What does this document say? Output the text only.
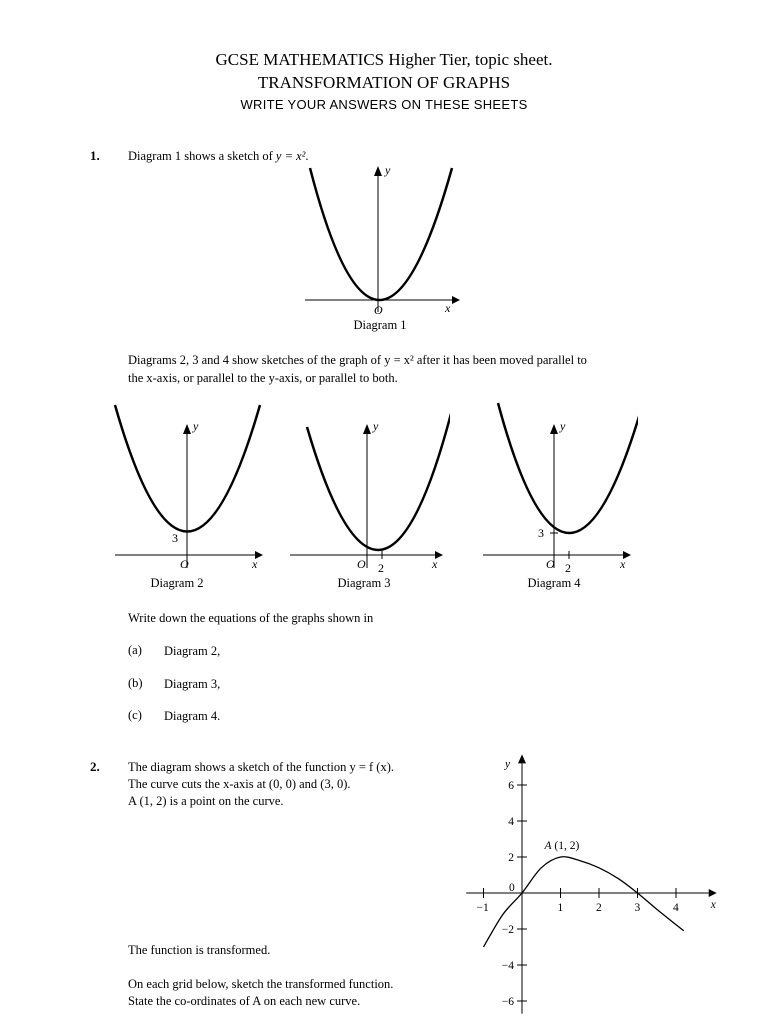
GCSE MATHEMATICS Higher Tier, topic sheet.
TRANSFORMATION OF GRAPHS
WRITE YOUR ANSWERS ON THESE SHEETS
1. Diagram 1 shows a sketch of y = x².
y
x
O
Diagram 1
Diagrams 2, 3 and 4 show sketches of the graph of y = x² after it has been moved parallel to
the x-axis, or parallel to the y-axis, or parallel to both.
y
x
O
3
Diagram 2
y
x
O 2
Diagram 3
y
x
O
3
2
Diagram 4
Write down the equations of the graphs shown in
(a) Diagram 2,
(b) Diagram 3,
(c) Diagram 4.
2. The diagram shows a sketch of the function y = f (x).
The curve cuts the x-axis at (0, 0) and (3, 0).
A (1, 2) is a point on the curve.
The function is transformed.
On each grid below, sketch the transformed function.
State the co-ordinates of A on each new curve.
−1	1	2	3	4
6
4
2
−2
−4
−6
0
x
y
A (1, 2)
